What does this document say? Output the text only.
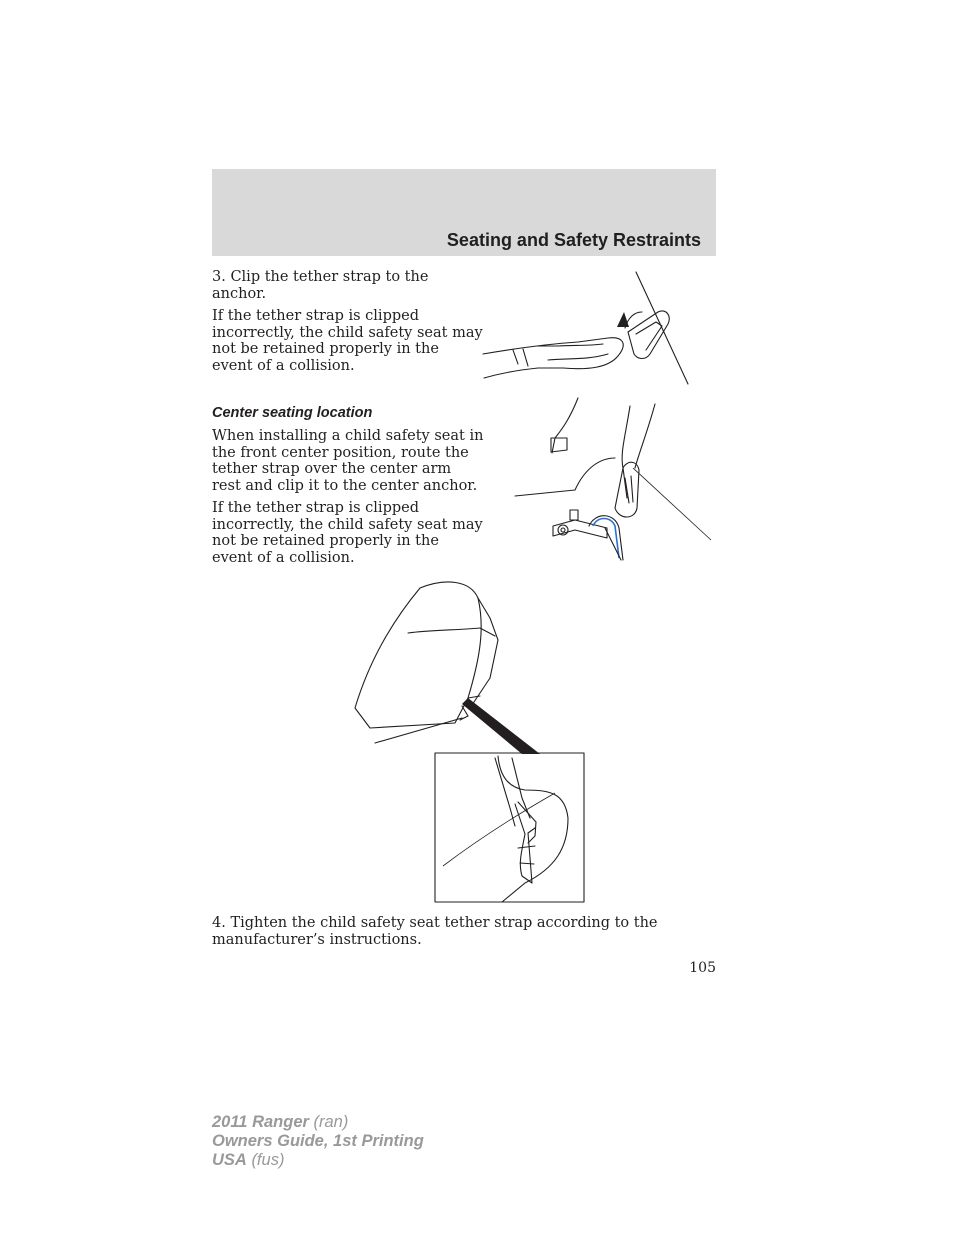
Seating and Safety Restraints

3. Clip the tether strap to the
anchor.

If the tether strap is clipped
incorrectly, the child safety seat may
not be retained properly in the
event of a collision.

Center seating location

When installing a child safety seat in
the front center position, route the
tether strap over the center arm
rest and clip it to the center anchor.

If the tether strap is clipped
incorrectly, the child safety seat may
not be retained properly in the
event of a collision.

4. Tighten the child safety seat tether strap according to the
manufacturer’s instructions.

105
2011 Ranger (ran)
Owners Guide, 1st Printing
USA (fus)
